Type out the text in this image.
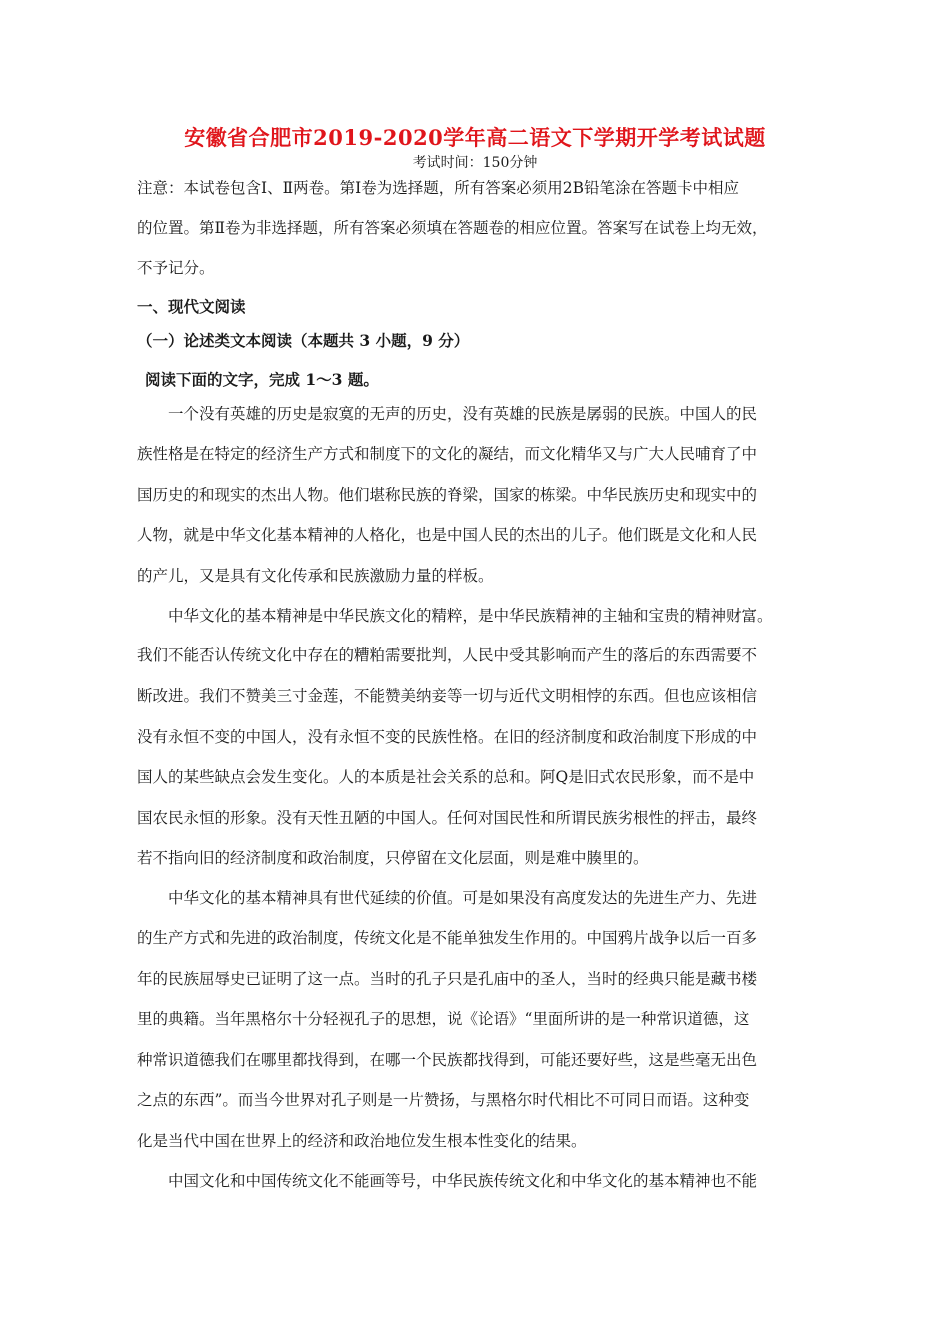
安徽省合肥市2019-2020学年高二语文下学期开学考试试题
考试时间：150分钟
注意：本试卷包含Ⅰ、Ⅱ两卷。第Ⅰ卷为选择题，所有答案必须用2B铅笔涂在答题卡中相应
的位置。第Ⅱ卷为非选择题，所有答案必须填在答题卷的相应位置。答案写在试卷上均无效，
不予记分。
一、现代文阅读
（一）论述类文本阅读（本题共 3 小题，9 分）
阅读下面的文字，完成 1～3 题。
一个没有英雄的历史是寂寞的无声的历史，没有英雄的民族是孱弱的民族。中国人的民
族性格是在特定的经济生产方式和制度下的文化的凝结，而文化精华又与广大人民哺育了中
国历史的和现实的杰出人物。他们堪称民族的脊梁，国家的栋梁。中华民族历史和现实中的
人物，就是中华文化基本精神的人格化，也是中国人民的杰出的儿子。他们既是文化和人民
的产儿，又是具有文化传承和民族激励力量的样板。
中华文化的基本精神是中华民族文化的精粹，是中华民族精神的主轴和宝贵的精神财富。
我们不能否认传统文化中存在的糟粕需要批判，人民中受其影响而产生的落后的东西需要不
断改进。我们不赞美三寸金莲，不能赞美纳妾等一切与近代文明相悖的东西。但也应该相信
没有永恒不变的中国人，没有永恒不变的民族性格。在旧的经济制度和政治制度下形成的中
国人的某些缺点会发生变化。人的本质是社会关系的总和。阿Q是旧式农民形象，而不是中
国农民永恒的形象。没有天性丑陋的中国人。任何对国民性和所谓民族劣根性的抨击，最终
若不指向旧的经济制度和政治制度，只停留在文化层面，则是难中腠里的。
中华文化的基本精神具有世代延续的价值。可是如果没有高度发达的先进生产力、先进
的生产方式和先进的政治制度，传统文化是不能单独发生作用的。中国鸦片战争以后一百多
年的民族屈辱史已证明了这一点。当时的孔子只是孔庙中的圣人，当时的经典只能是藏书楼
里的典籍。当年黑格尔十分轻视孔子的思想，说《论语》“里面所讲的是一种常识道德，这
种常识道德我们在哪里都找得到，在哪一个民族都找得到，可能还要好些，这是些毫无出色
之点的东西”。而当今世界对孔子则是一片赞扬，与黑格尔时代相比不可同日而语。这种变
化是当代中国在世界上的经济和政治地位发生根本性变化的结果。
中国文化和中国传统文化不能画等号，中华民族传统文化和中华文化的基本精神也不能
